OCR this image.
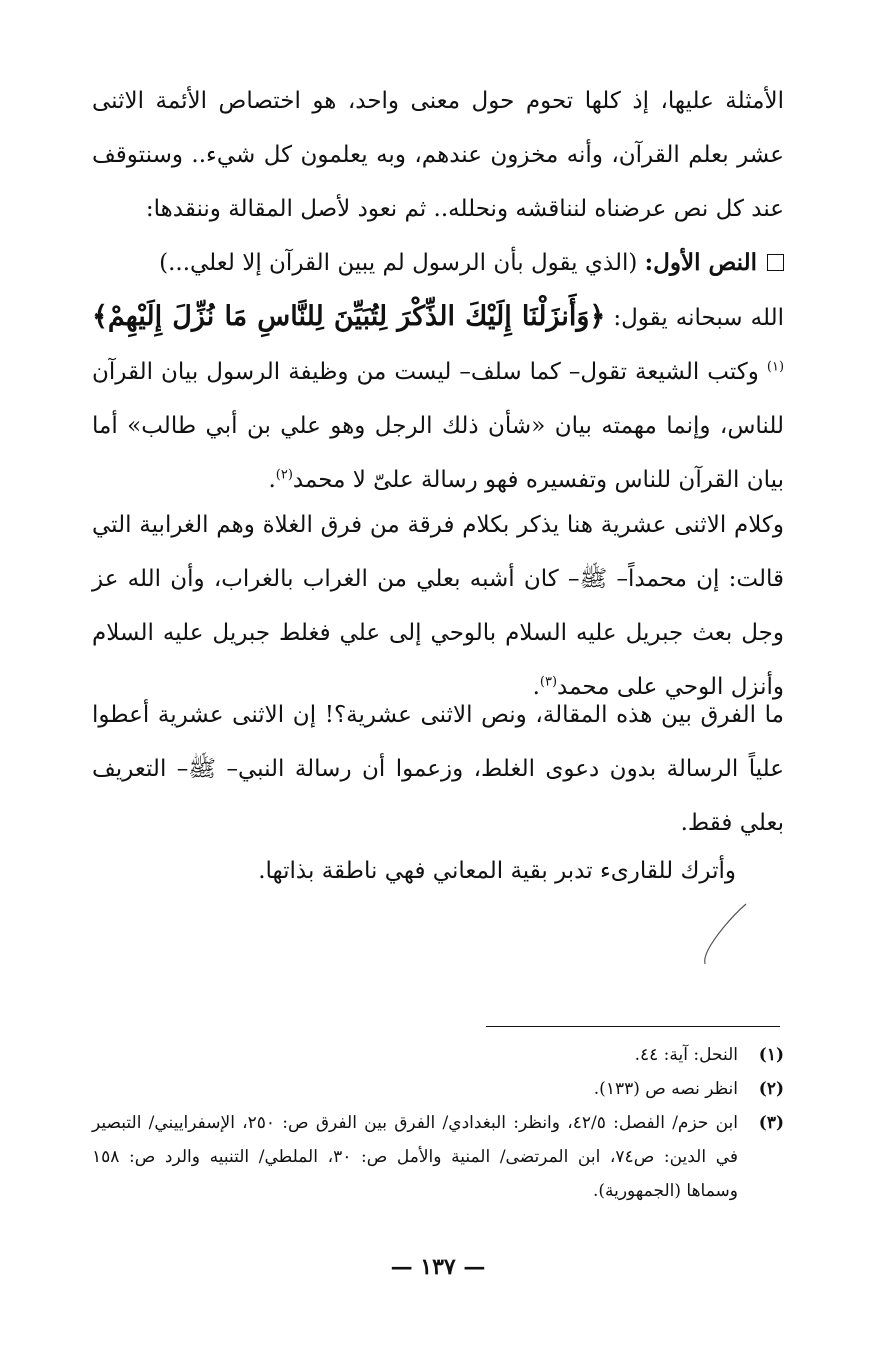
الأمثلة عليها، إذ كلها تحوم حول معنى واحد، هو اختصاص الأئمة الاثنى عشر بعلم القرآن، وأنه مخزون عندهم، وبه يعلمون كل شيء.. وسنتوقف عند كل نص عرضناه لنناقشه ونحلله.. ثم نعود لأصل المقالة وننقدها:

النص الأول: (الذي يقول بأن الرسول لم يبين القرآن إلا لعلي...)

الله سبحانه يقول: ﴿وَأَنزَلْنَا إِلَيْكَ الذِّكْرَ لِتُبَيِّنَ لِلنَّاسِ مَا نُزِّلَ إِلَيْهِمْ﴾$^{(١)}$ وكتب الشيعة تقول– كما سلف– ليست من وظيفة الرسول بيان القرآن للناس، وإنما مهمته بيان «شأن ذلك الرجل وهو علي بن أبي طالب» أما بيان القرآن للناس وتفسيره فهو رسالة علىّ لا محمد$^{(٢)}$.

وكلام الاثنى عشرية هنا يذكر بكلام فرقة من فرق الغلاة وهم الغرابية التي قالت: إن محمداً– ﷺ– كان أشبه بعلي من الغراب بالغراب، وأن الله عز وجل بعث جبريل عليه السلام بالوحي إلى علي فغلط جبريل عليه السلام وأنزل الوحي على محمد$^{(٣)}$.

ما الفرق بين هذه المقالة، ونص الاثنى عشرية؟! إن الاثنى عشرية أعطوا علياً الرسالة بدون دعوى الغلط، وزعموا أن رسالة النبي– ﷺ– التعريف بعلي فقط.

وأترك للقارىء تدبر بقية المعاني فهي ناطقة بذاتها.

(١)
النحل: آية: ٤٤.
(٢)
انظر نصه ص (١٣٣).
(٣)
ابن حزم/ الفصل: ٤٢/٥، وانظر: البغدادي/ الفرق بين الفرق ص: ٢٥٠، الإسفراييني/ التبصير في الدين: ص٧٤، ابن المرتضى/ المنية والأمل ص: ٣٠، الملطي/ التنبيه والرد ص: ١٥٨ وسماها (الجمهورية).
— ١٣٧ —
